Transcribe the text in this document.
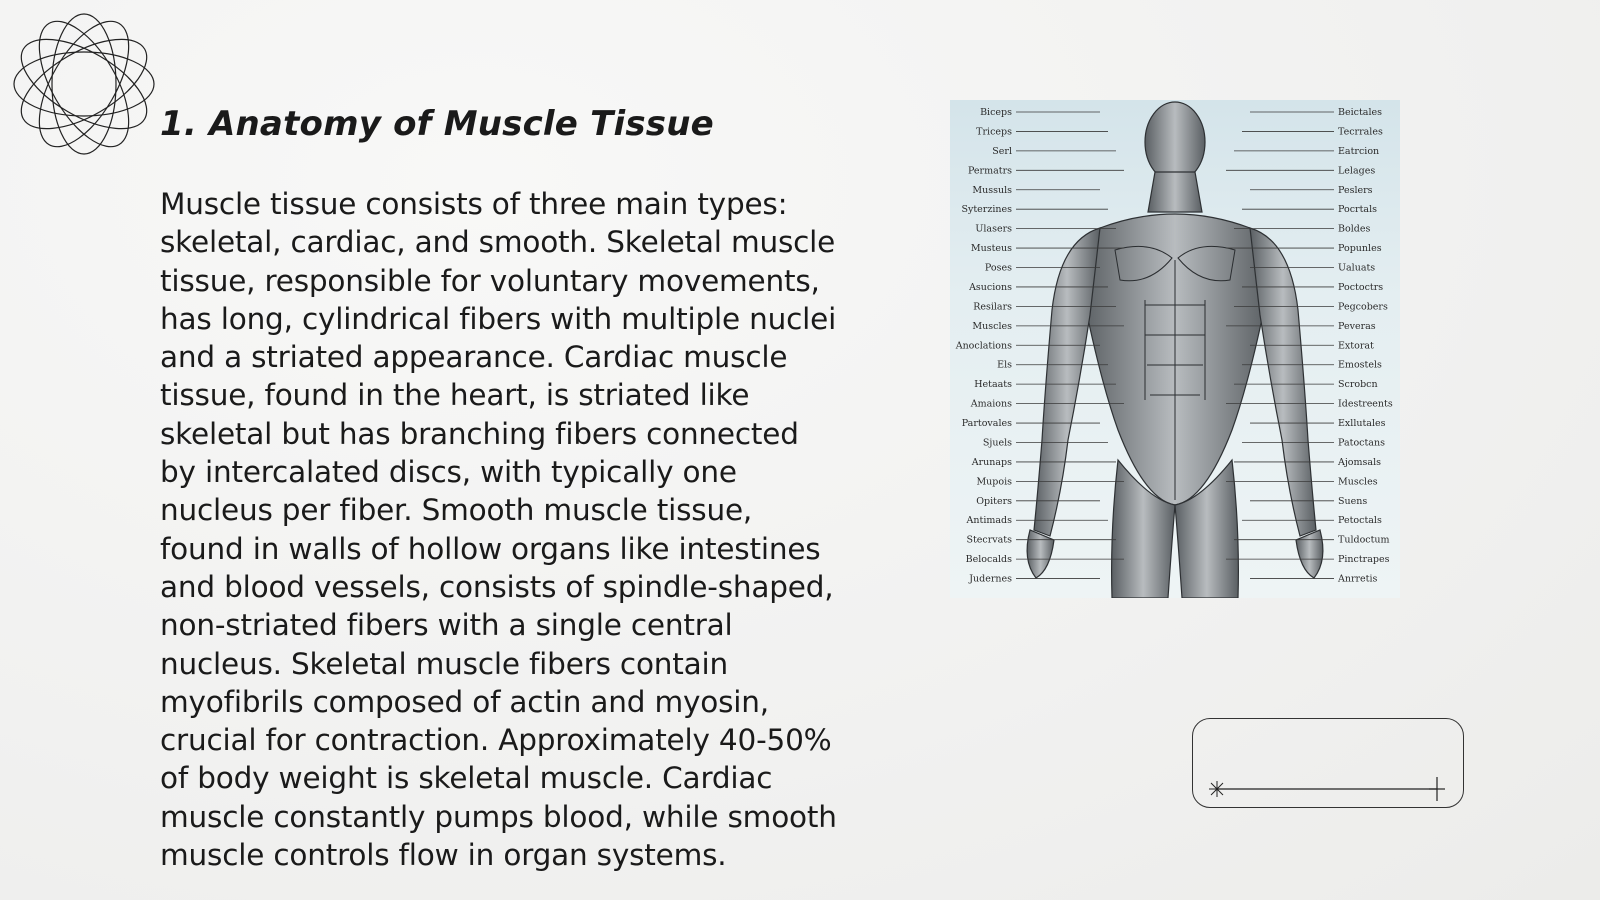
1. Anatomy of Muscle Tissue

Muscle tissue consists of three main types: skeletal, cardiac, and smooth. Skeletal muscle tissue, responsible for voluntary movements, has long, cylindrical fibers with multiple nuclei and a striated appearance. Cardiac muscle tissue, found in the heart, is striated like skeletal but has branching fibers connected by intercalated discs, with typically one nucleus per fiber. Smooth muscle tissue, found in walls of hollow organs like intestines and blood vessels, consists of spindle-shaped, non-striated fibers with a single central nucleus. Skeletal muscle fibers contain myofibrils composed of actin and myosin, crucial for contraction. Approximately 40-50% of body weight is skeletal muscle. Cardiac muscle constantly pumps blood, while smooth muscle controls flow in organ systems.

Biceps
Triceps
Serl
Permatrs
Mussuls
Syterzines
Ulasers
Musteus
Poses
Asucions
Resilars
Muscles
Anoclations
Els
Hetaats
Amaions
Partovales
Sjuels
Arunaps
Mupois
Opiters
Antimads
Stecrvats
Belocalds
Judernes
Beictales
Tecrrales
Eatrcion
Lelages
Peslers
Pocrtals
Boldes
Popunles
Ualuats
Poctoctrs
Pegcobers
Peveras
Extorat
Emostels
Scrobcn
Idestreents
Exllutales
Patoctans
Ajomsals
Muscles
Suens
Petoctals
Tuldoctum
Pinctrapes
Anrretis
